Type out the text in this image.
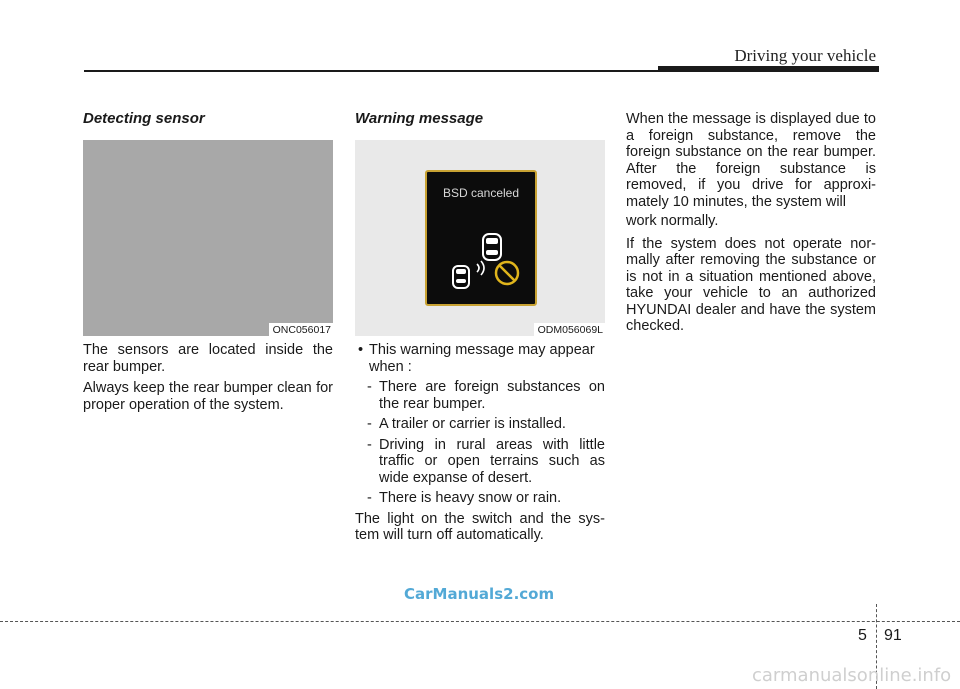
Driving your vehicle
Detecting sensor
ONC056017

The sensors are located inside the rear bumper.

Always keep the rear bumper clean for proper operation of the system.

Warning message
BSD canceled
ODM056069L
• This warning message may appear when :
- There are foreign substances on the rear bumper.
- A trailer or carrier is installed.
- Driving in rural areas with little traffic or open terrains such as wide expanse of desert.
- There is heavy snow or rain.

The light on the switch and the sys-tem will turn off automatically.

When the message is displayed due to a foreign substance, remove the foreign substance on the rear bumper. After the foreign substance is removed, if you drive for approxi-mately 10 minutes, the system will

work normally.

If the system does not operate nor-mally after removing the substance or is not in a situation mentioned above, take your vehicle to an authorized HYUNDAI dealer and have the system checked.

CarManuals2.com
5 91
carmanualsonline.info
